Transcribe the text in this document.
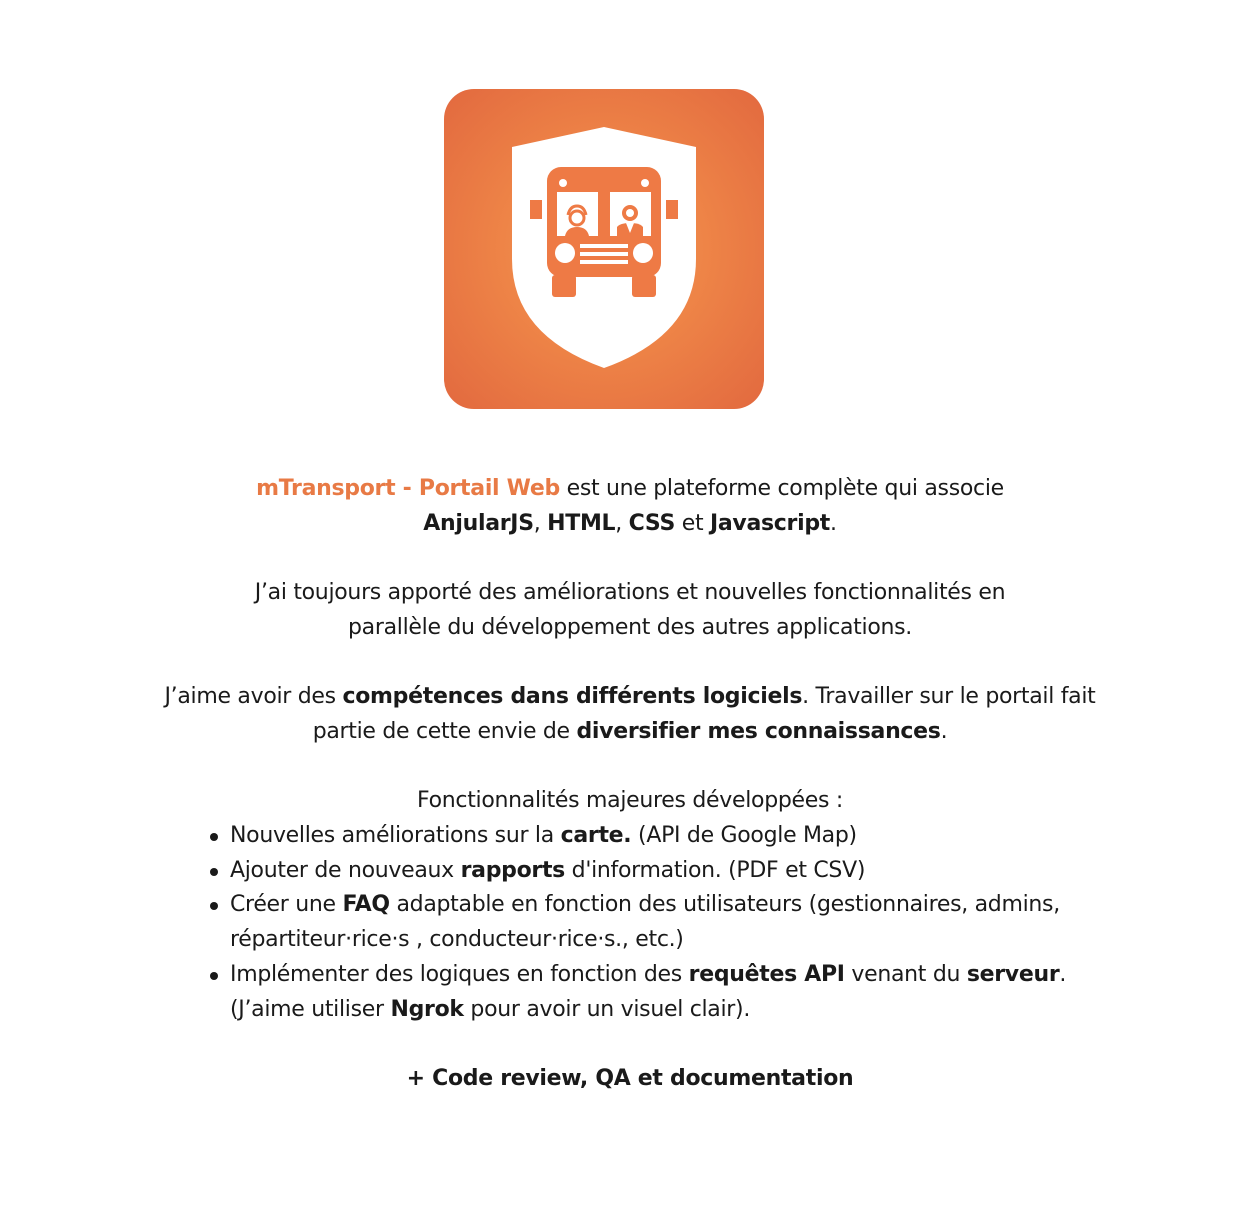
mTransport - Portail Web est une plateforme complète qui associe
AnjularJS, HTML, CSS et Javascript.

J’ai toujours apporté des améliorations et nouvelles fonctionnalités en parallèle du développement des autres applications.

J’aime avoir des compétences dans différents logiciels. Travailler sur le portail fait partie de cette envie de diversifier mes connaissances.

Fonctionnalités majeures développées :

Nouvelles améliorations sur la carte. (API de Google Map)
Ajouter de nouveaux rapports d'information. (PDF et CSV)
Créer une FAQ adaptable en fonction des utilisateurs (gestionnaires, admins, répartiteur·rice·s , conducteur·rice·s., etc.)
Implémenter des logiques en fonction des requêtes API venant du serveur. (J’aime utiliser Ngrok pour avoir un visuel clair).

+ Code review, QA et documentation
